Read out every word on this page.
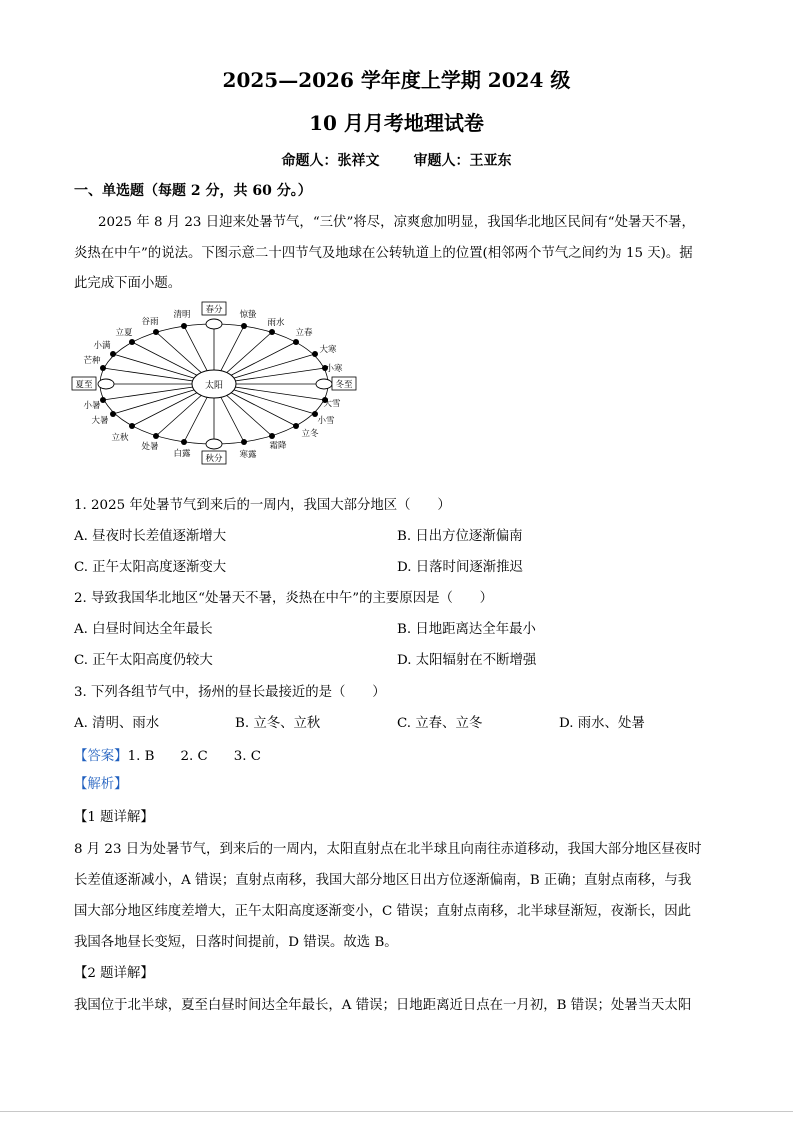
2025—2026 学年度上学期 2024 级
10 月月考地理试卷
命题人：张祥文 审题人：王亚东
一、单选题（每题 2 分，共 60 分。）
2025 年 8 月 23 日迎来处暑节气，“三伏”将尽，凉爽愈加明显，我国华北地区民间有“处暑天不暑，
炎热在中午”的说法。下图示意二十四节气及地球在公转轨道上的位置(相邻两个节气之间约为 15 天)。据
此完成下面小题。
太阳
春分
秋分
夏至	冬至
清明
谷雨
立夏
小满
芒种
小暑
大暑
立秋
处暑
白露	寒露
霜降
立冬
小雪
大雪
小寒
大寒
立春
雨水
惊蛰
1. 2025 年处暑节气到来后的一周内，我国大部分地区（　　）
A. 昼夜时长差值逐渐增大	B. 日出方位逐渐偏南
C. 正午太阳高度逐渐变大	D. 日落时间逐渐推迟
2. 导致我国华北地区“处暑天不暑，炎热在中午”的主要原因是（　　）
A. 白昼时间达全年最长	B. 日地距离达全年最小
C. 正午太阳高度仍较大	D. 太阳辐射在不断增强
3. 下列各组节气中，扬州的昼长最接近的是（　　）
A. 清明、雨水	B. 立冬、立秋	C. 立春、立冬	D. 雨水、处暑
【答案】1. B 2. C 3. C
【解析】
【1 题详解】
8 月 23 日为处暑节气，到来后的一周内，太阳直射点在北半球且向南往赤道移动，我国大部分地区昼夜时
长差值逐渐减小，A 错误；直射点南移，我国大部分地区日出方位逐渐偏南，B 正确；直射点南移，与我
国大部分地区纬度差增大，正午太阳高度逐渐变小，C 错误；直射点南移，北半球昼渐短，夜渐长，因此
我国各地昼长变短，日落时间提前，D 错误。故选 B。
【2 题详解】
我国位于北半球，夏至白昼时间达全年最长，A 错误；日地距离近日点在一月初，B 错误；处暑当天太阳
